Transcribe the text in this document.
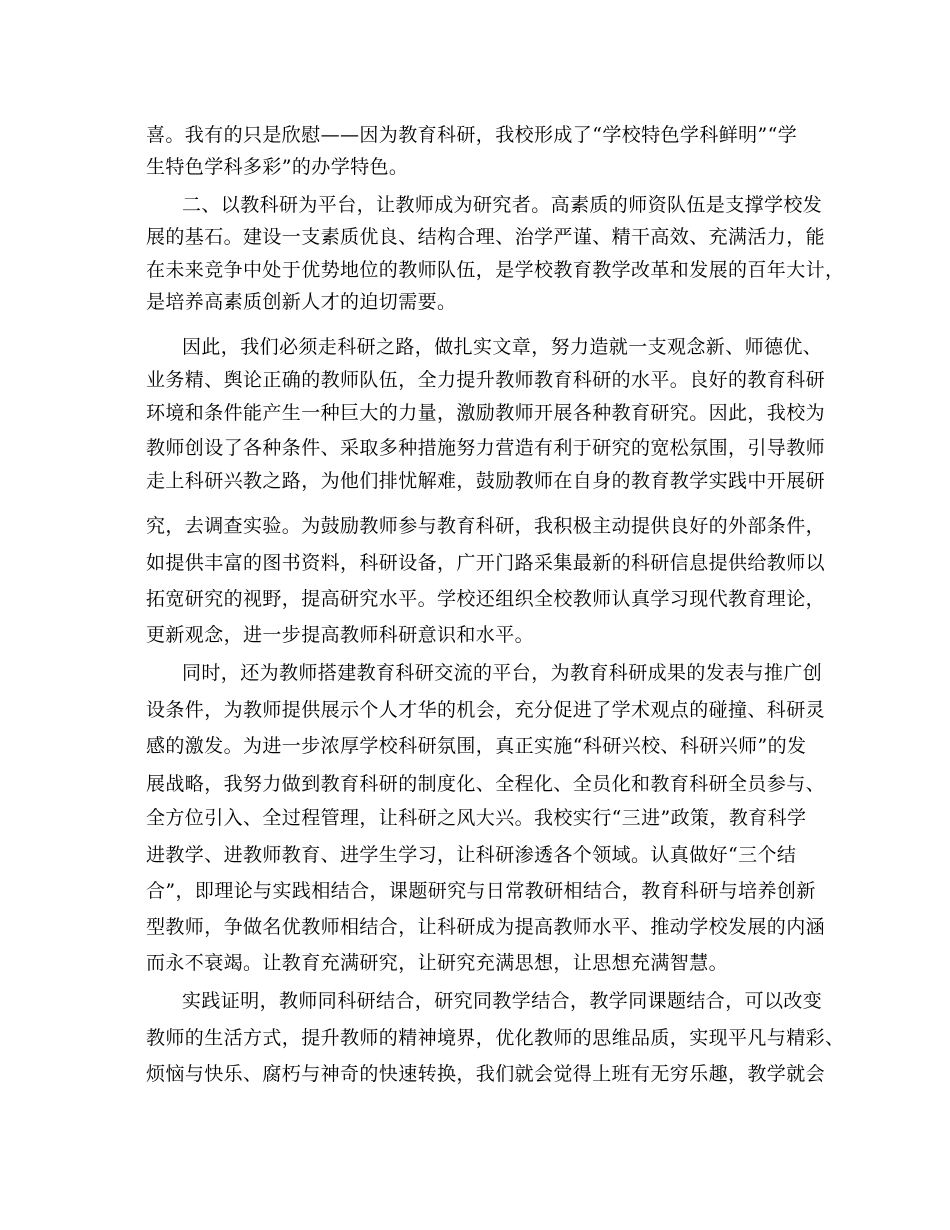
喜。我有的只是欣慰——因为教育科研，我校形成了“学校特色学科鲜明”“学
生特色学科多彩”的办学特色。
二、以教科研为平台，让教师成为研究者。高素质的师资队伍是支撑学校发
展的基石。建设一支素质优良、结构合理、治学严谨、精干高效、充满活力，能
在未来竞争中处于优势地位的教师队伍，是学校教育教学改革和发展的百年大计，
是培养高素质创新人才的迫切需要。
因此，我们必须走科研之路，做扎实文章，努力造就一支观念新、师德优、
业务精、舆论正确的教师队伍，全力提升教师教育科研的水平。良好的教育科研
环境和条件能产生一种巨大的力量，激励教师开展各种教育研究。因此，我校为
教师创设了各种条件、采取多种措施努力营造有利于研究的宽松氛围，引导教师
走上科研兴教之路，为他们排忧解难，鼓励教师在自身的教育教学实践中开展研
究，去调查实验。为鼓励教师参与教育科研，我积极主动提供良好的外部条件，
如提供丰富的图书资料，科研设备，广开门路采集最新的科研信息提供给教师以
拓宽研究的视野，提高研究水平。学校还组织全校教师认真学习现代教育理论，
更新观念，进一步提高教师科研意识和水平。
同时，还为教师搭建教育科研交流的平台，为教育科研成果的发表与推广创
设条件，为教师提供展示个人才华的机会，充分促进了学术观点的碰撞、科研灵
感的激发。为进一步浓厚学校科研氛围，真正实施“科研兴校、科研兴师”的发
展战略，我努力做到教育科研的制度化、全程化、全员化和教育科研全员参与、
全方位引入、全过程管理，让科研之风大兴。我校实行“三进”政策，教育科学
进教学、进教师教育、进学生学习，让科研渗透各个领域。认真做好“三个结
合”，即理论与实践相结合，课题研究与日常教研相结合，教育科研与培养创新
型教师，争做名优教师相结合，让科研成为提高教师水平、推动学校发展的内涵
而永不衰竭。让教育充满研究，让研究充满思想，让思想充满智慧。
实践证明，教师同科研结合，研究同教学结合，教学同课题结合，可以改变
教师的生活方式，提升教师的精神境界，优化教师的思维品质，实现平凡与精彩、
烦恼与快乐、腐朽与神奇的快速转换，我们就会觉得上班有无穷乐趣，教学就会
